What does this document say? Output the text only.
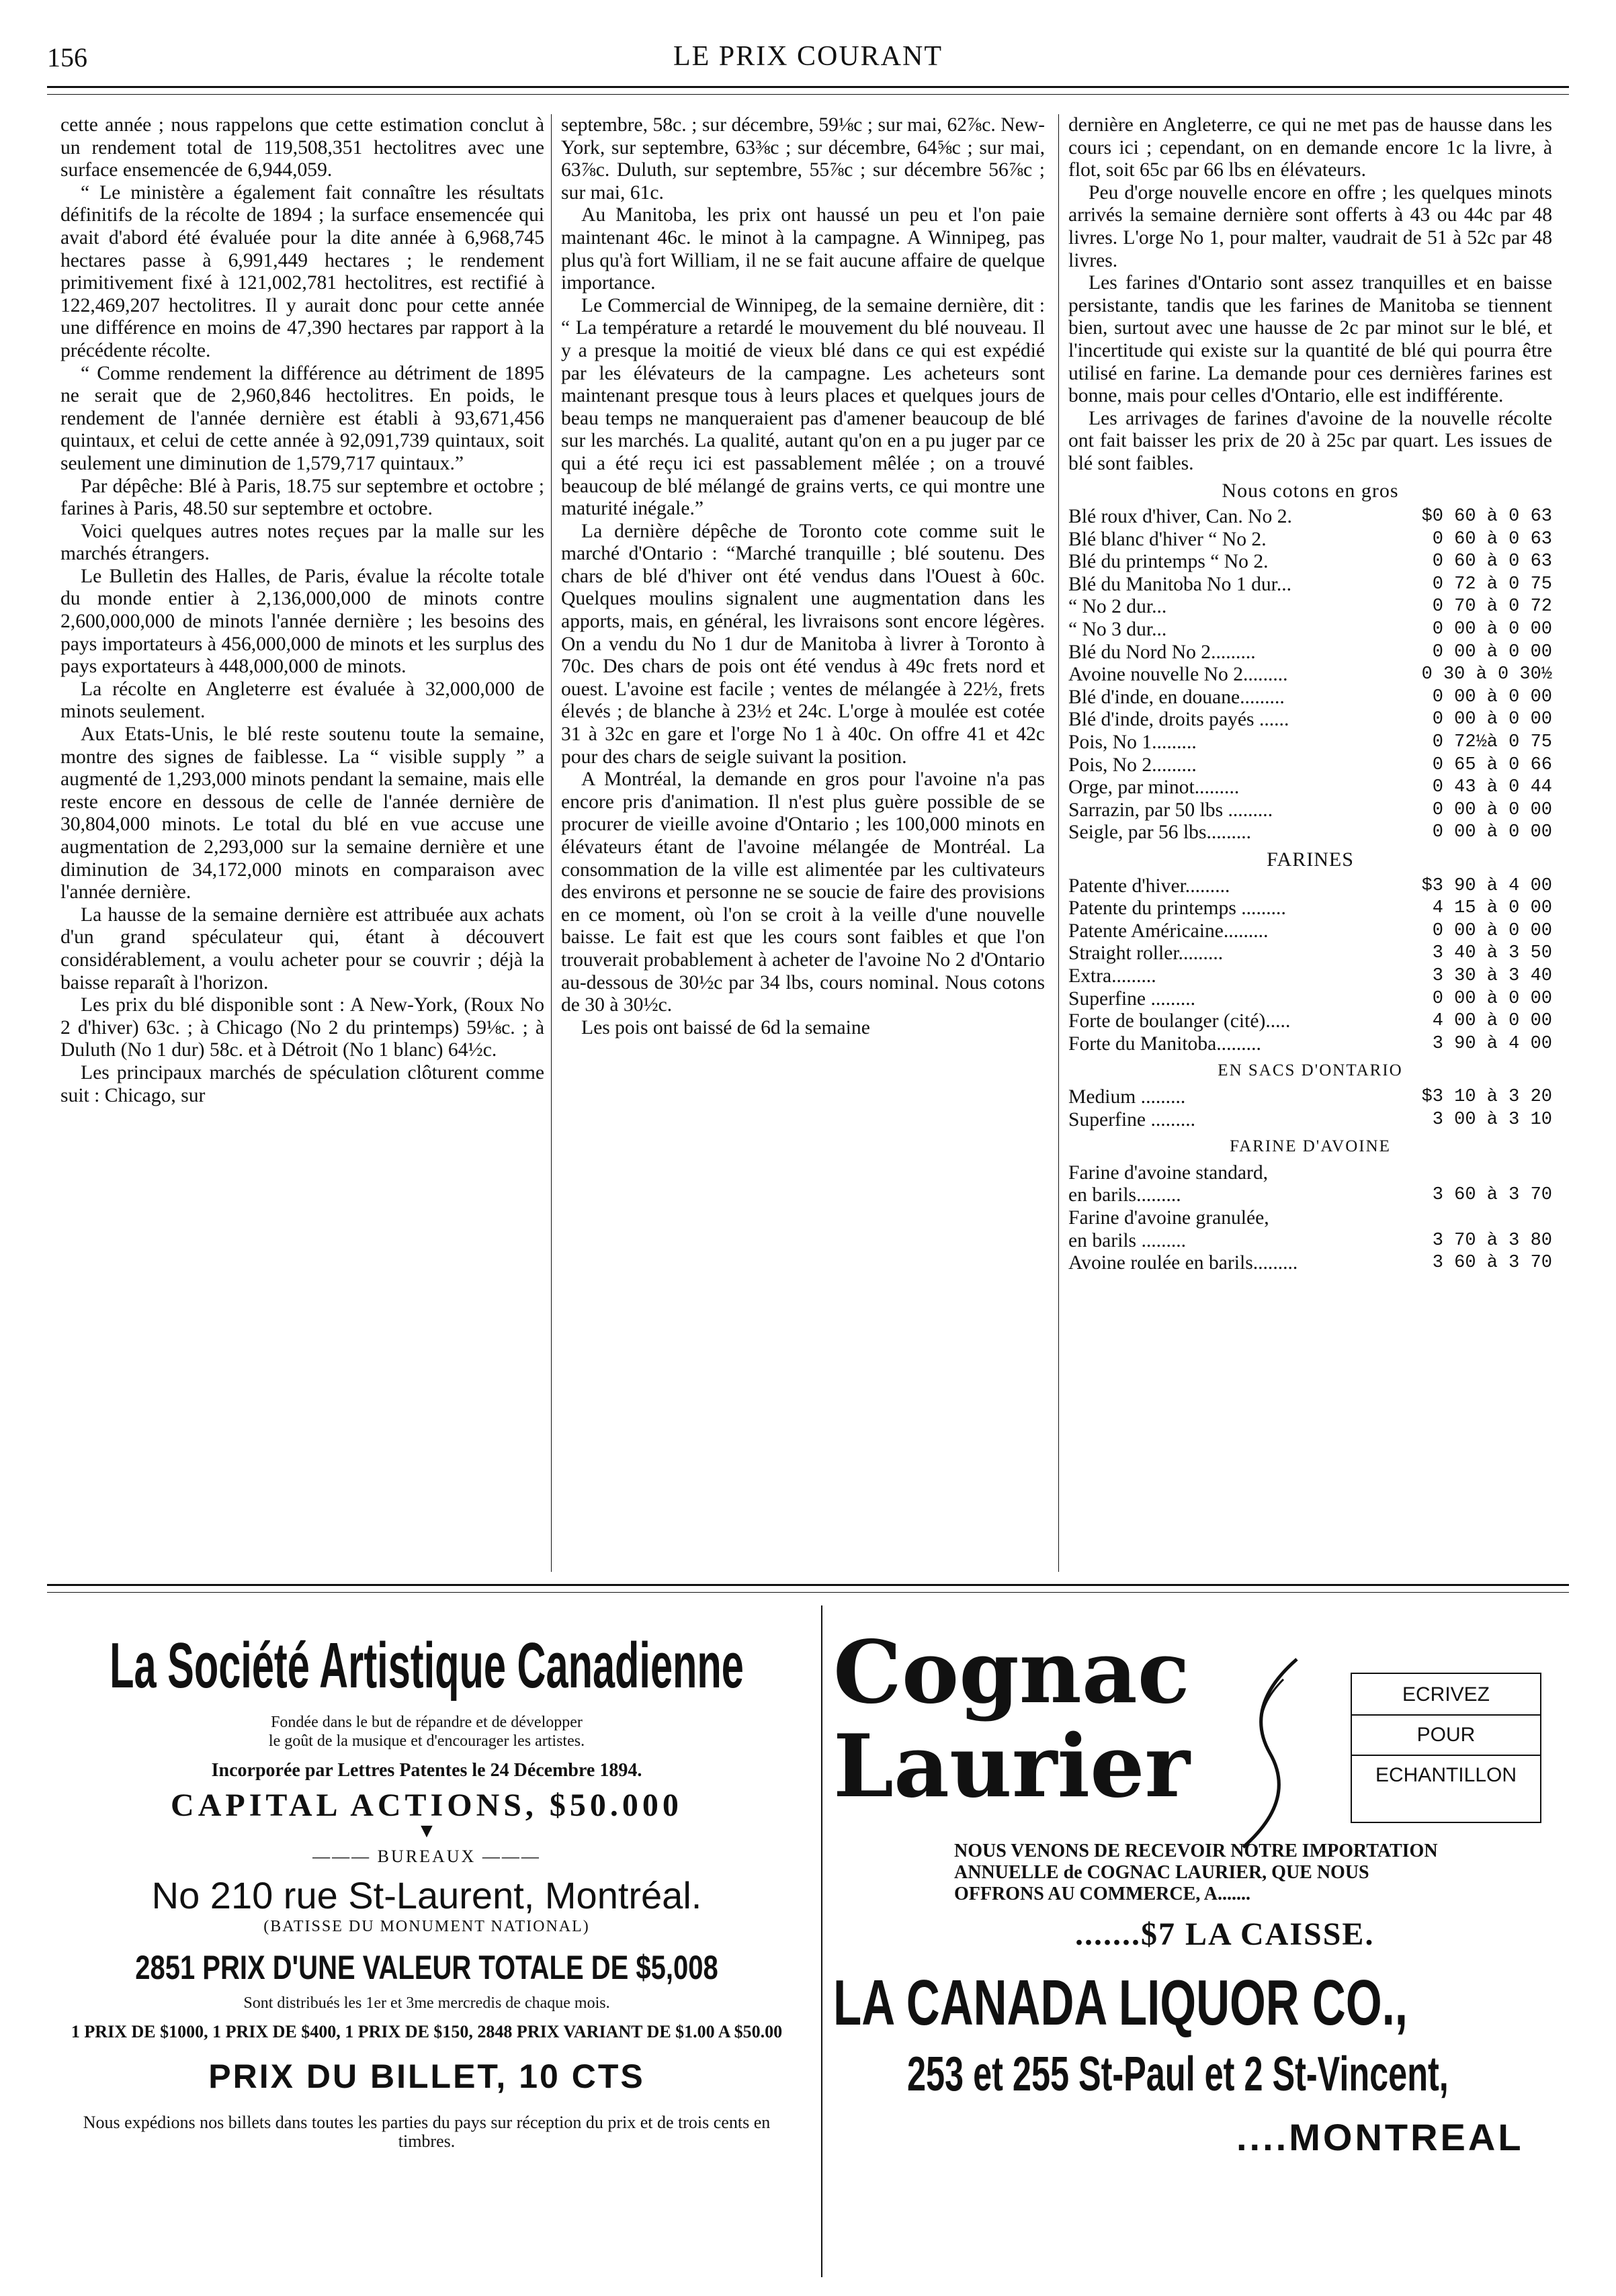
156	LE PRIX COURANT

cette année ; nous rappelons que cette estimation conclut à un rendement total de 119,508,351 hectolitres avec une surface ensemencée de 6,944,059.

“ Le ministère a également fait connaître les résultats définitifs de la récolte de 1894 ; la surface ensemencée qui avait d'abord été évaluée pour la dite année à 6,968,745 hectares passe à 6,991,449 hectares ; le rendement primitivement fixé à 121,002,781 hectolitres, est rectifié à 122,469,207 hectolitres. Il y aurait donc pour cette année une différence en moins de 47,390 hectares par rapport à la précédente récolte.

“ Comme rendement la différence au détriment de 1895 ne serait que de 2,960,846 hectolitres. En poids, le rendement de l'année dernière est établi à 93,671,456 quintaux, et celui de cette année à 92,091,739 quintaux, soit seulement une diminution de 1,579,717 quintaux.”

Par dépêche: Blé à Paris, 18.75 sur septembre et octobre ; farines à Paris, 48.50 sur septembre et octobre.

Voici quelques autres notes reçues par la malle sur les marchés étrangers.

Le Bulletin des Halles, de Paris, évalue la récolte totale du monde entier à 2,136,000,000 de minots contre 2,600,000,000 de minots l'année dernière ; les besoins des pays importateurs à 456,000,000 de minots et les surplus des pays exportateurs à 448,000,000 de minots.

La récolte en Angleterre est évaluée à 32,000,000 de minots seulement.

Aux Etats-Unis, le blé reste soutenu toute la semaine, montre des signes de faiblesse. La “ visible supply ” a augmenté de 1,293,000 minots pendant la semaine, mais elle reste encore en dessous de celle de l'année dernière de 30,804,000 minots. Le total du blé en vue accuse une augmentation de 2,293,000 sur la semaine dernière et une diminution de 34,172,000 minots en comparaison avec l'année dernière.

La hausse de la semaine dernière est attribuée aux achats d'un grand spéculateur qui, étant à découvert considérablement, a voulu acheter pour se couvrir ; déjà la baisse reparaît à l'horizon.

Les prix du blé disponible sont : A New-York, (Roux No 2 d'hiver) 63c. ; à Chicago (No 2 du printemps) 59⅛c. ; à Duluth (No 1 dur) 58c. et à Détroit (No 1 blanc) 64½c.

Les principaux marchés de spéculation clôturent comme suit : Chicago, sur

septembre, 58c. ; sur décembre, 59⅛c ; sur mai, 62⅞c. New-York, sur septembre, 63⅜c ; sur décembre, 64⅝c ; sur mai, 63⅞c. Duluth, sur septembre, 55⅞c ; sur décembre 56⅞c ; sur mai, 61c.

Au Manitoba, les prix ont haussé un peu et l'on paie maintenant 46c. le minot à la campagne. A Winnipeg, pas plus qu'à fort William, il ne se fait aucune affaire de quelque importance.

Le Commercial de Winnipeg, de la semaine dernière, dit : “ La température a retardé le mouvement du blé nouveau. Il y a presque la moitié de vieux blé dans ce qui est expédié par les élévateurs de la campagne. Les acheteurs sont maintenant presque tous à leurs places et quelques jours de beau temps ne manqueraient pas d'amener beaucoup de blé sur les marchés. La qualité, autant qu'on en a pu juger par ce qui a été reçu ici est passablement mêlée ; on a trouvé beaucoup de blé mélangé de grains verts, ce qui montre une maturité inégale.”

La dernière dépêche de Toronto cote comme suit le marché d'Ontario : “Marché tranquille ; blé soutenu. Des chars de blé d'hiver ont été vendus dans l'Ouest à 60c. Quelques moulins signalent une augmentation dans les apports, mais, en général, les livraisons sont encore légères. On a vendu du No 1 dur de Manitoba à livrer à Toronto à 70c. Des chars de pois ont été vendus à 49c frets nord et ouest. L'avoine est facile ; ventes de mélangée à 22½, frets élevés ; de blanche à 23½ et 24c. L'orge à moulée est cotée 31 à 32c en gare et l'orge No 1 à 40c. On offre 41 et 42c pour des chars de seigle suivant la position.

A Montréal, la demande en gros pour l'avoine n'a pas encore pris d'animation. Il n'est plus guère possible de se procurer de vieille avoine d'Ontario ; les 100,000 minots en élévateurs étant de l'avoine mélangée de Montréal. La consommation de la ville est alimentée par les cultivateurs des environs et personne ne se soucie de faire des provisions en ce moment, où l'on se croit à la veille d'une nouvelle baisse. Le fait est que les cours sont faibles et que l'on trouverait probablement à acheter de l'avoine No 2 d'Ontario au-dessous de 30½c par 34 lbs, cours nominal. Nous cotons de 30 à 30½c.

Les pois ont baissé de 6d la semaine

dernière en Angleterre, ce qui ne met pas de hausse dans les cours ici ; cependant, on en demande encore 1c la livre, à flot, soit 65c par 66 lbs en élévateurs.

Peu d'orge nouvelle encore en offre ; les quelques minots arrivés la semaine dernière sont offerts à 43 ou 44c par 48 livres. L'orge No 1, pour malter, vaudrait de 51 à 52c par 48 livres.

Les farines d'Ontario sont assez tranquilles et en baisse persistante, tandis que les farines de Manitoba se tiennent bien, surtout avec une hausse de 2c par minot sur le blé, et l'incertitude qui existe sur la quantité de blé qui pourra être utilisé en farine. La demande pour ces dernières farines est bonne, mais pour celles d'Ontario, elle est indifférente.

Les arrivages de farines d'avoine de la nouvelle récolte ont fait baisser les prix de 20 à 25c par quart. Les issues de blé sont faibles.

Nous cotons en gros
Blé roux d'hiver, Can. No 2.	$0 60 à 0 63
Blé blanc d'hiver “ No 2.	0 60 à 0 63
Blé du printemps “ No 2.	0 60 à 0 63
Blé du Manitoba No 1 dur...	0 72 à 0 75
“ No 2 dur...	0 70 à 0 72
“ No 3 dur...	0 00 à 0 00
Blé du Nord No 2.........	0 00 à 0 00
Avoine nouvelle No 2.........	0 30 à 0 30½
Blé d'inde, en douane.........	0 00 à 0 00
Blé d'inde, droits payés ......	0 00 à 0 00
Pois, No 1.........	0 72½à 0 75
Pois, No 2.........	0 65 à 0 66
Orge, par minot.........	0 43 à 0 44
Sarrazin, par 50 lbs .........	0 00 à 0 00
Seigle, par 56 lbs.........	0 00 à 0 00
FARINES
Patente d'hiver.........	$3 90 à 4 00
Patente du printemps .........	4 15 à 0 00
Patente Américaine.........	0 00 à 0 00
Straight roller.........	3 40 à 3 50
Extra.........	3 30 à 3 40
Superfine .........	0 00 à 0 00
Forte de boulanger (cité).....	4 00 à 0 00
Forte du Manitoba.........	3 90 à 4 00
EN SACS D'ONTARIO
Medium .........	$3 10 à 3 20
Superfine .........	3 00 à 3 10
FARINE D'AVOINE
Farine d'avoine standard,	
en barils.........	3 60 à 3 70
Farine d'avoine granulée,	
en barils .........	3 70 à 3 80
Avoine roulée en barils.........	3 60 à 3 70
La Société Artistique Canadienne
Fondée dans le but de répandre et de développer
le goût de la musique et d'encourager les artistes.
Incorporée par Lettres Patentes le 24 Décembre 1894.
CAPITAL ACTIONS, $50.000
▼
——— BUREAUX ———
No 210 rue St-Laurent, Montréal.
(BATISSE DU MONUMENT NATIONAL)
2851 PRIX D'UNE VALEUR TOTALE DE $5,008
Sont distribués les 1er et 3me mercredis de chaque mois.
1 PRIX DE $1000, 1 PRIX DE $400, 1 PRIX DE $150, 2848 PRIX VARIANT DE $1.00 A $50.00
PRIX DU BILLET, 10 CTS
Nous expédions nos billets dans toutes les parties du pays sur réception du prix et de trois cents en timbres.
Cognac
Laurier
ECRIVEZ
POUR
ECHANTILLON
NOUS VENONS DE RECEVOIR NOTRE IMPORTATION ANNUELLE de COGNAC LAURIER, QUE NOUS OFFRONS AU COMMERCE, A.......
.......$7 LA CAISSE.
LA CANADA LIQUOR CO.,
253 et 255 St-Paul et 2 St-Vincent,
....MONTREAL
